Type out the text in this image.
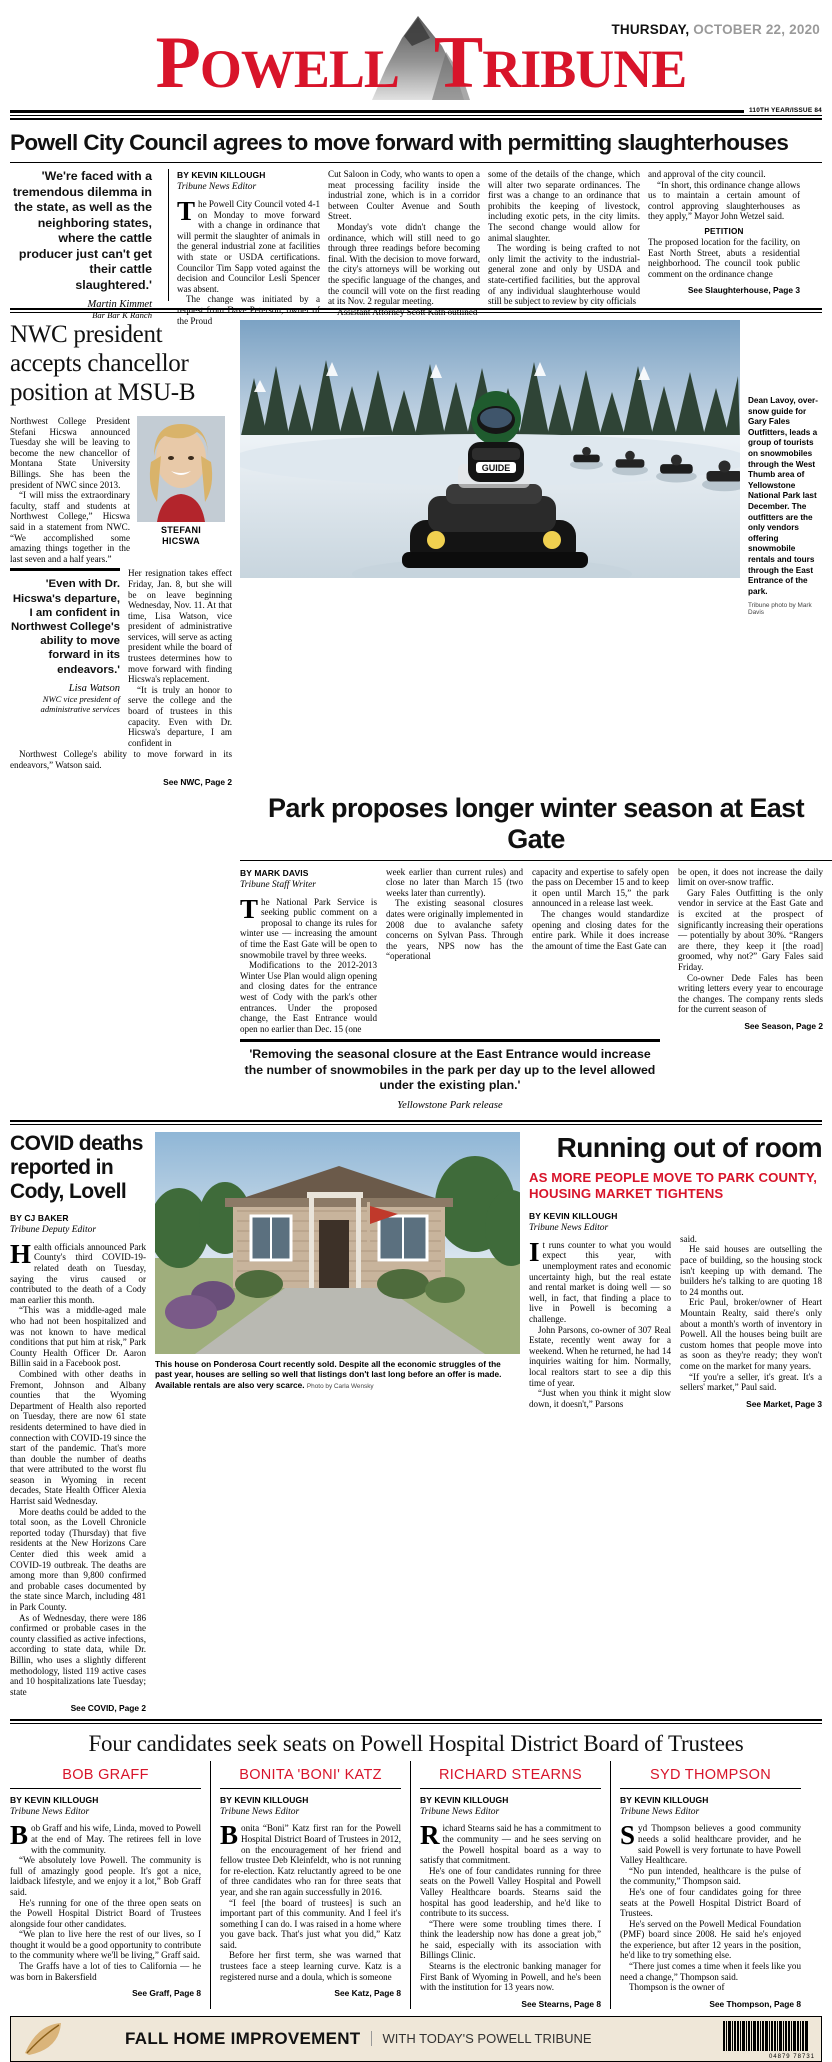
THURSDAY, OCTOBER 22, 2020
POWELL  TRIBUNE
110TH YEAR/ISSUE 84
Powell City Council agrees to move forward with permitting slaughterhouses
'We're faced with a tremendous dilemma in the state, as well as the neighboring states, where the cattle producer just can't get their cattle slaughtered.'
Martin Kimmet
Bar Bar K Ranch
BY KEVIN KILLOUGH
Tribune News Editor

The Powell City Council voted 4-1 on Monday to move forward with a change in ordinance that will permit the slaughter of animals in the general industrial zone at facilities with state or USDA certifications. Councilor Tim Sapp voted against the decision and Councilor Lesli Spencer was absent.

The change was initiated by a request from Dave Peterson, owner of the Proud

Cut Saloon in Cody, who wants to open a meat processing facility inside the industrial zone, which is in a corridor between Coulter Avenue and South Street.

Monday's vote didn't change the ordinance, which will still need to go through three readings before becoming final. With the decision to move forward, the city's attorneys will be working out the specific language of the changes, and the council will vote on the first reading at its Nov. 2 regular meeting.

Assistant Attorney Scott Kath outlined

some of the details of the change, which will alter two separate ordinances. The first was a change to an ordinance that prohibits the keeping of livestock, including exotic pets, in the city limits. The second change would allow for animal slaughter.

The wording is being crafted to not only limit the activity to the industrial-general zone and only by USDA and state-certified facilities, but the approval of any individual slaughterhouse would still be subject to review by city officials

and approval of the city council.

“In short, this ordinance change allows us to maintain a certain amount of control approving slaughterhouses as they apply,” Mayor John Wetzel said.

PETITION

The proposed location for the facility, on East North Street, abuts a residential neighborhood. The council took public comment on the ordinance change

See Slaughterhouse, Page 3
NWC president accepts chancellor position at MSU-B

Northwest College President Stefani Hicswa announced Tuesday she will be leaving to become the new chancellor of Montana State University Billings. She has been the president of NWC since 2013.

“I will miss the extraordinary faculty, staff and students at Northwest College,” Hicswa said in a statement from NWC. “We accomplished some amazing things together in the last seven and a half years.”

STEFANI
HICSWA
'Even with Dr. Hicswa's departure, I am confident in Northwest College's ability to move forward in its endeavors.'
Lisa Watson
NWC vice president of administrative services

Her resignation takes effect Friday, Jan. 8, but she will be on leave beginning Wednesday, Nov. 11. At that time, Lisa Watson, vice president of administrative services, will serve as acting president while the board of trustees determines how to move forward with finding Hicswa's replacement.

“It is truly an honor to serve the college and the board of trustees in this capacity. Even with Dr. Hicswa's departure, I am confident in

Northwest College's ability to move forward in its endeavors,” Watson said.

See NWC, Page 2
GUIDE
Dean Lavoy, over-snow guide for Gary Fales Outfitters, leads a group of tourists on snowmobiles through the West Thumb area of Yellowstone National Park last December. The outfitters are the only vendors offering snowmobile rentals and tours through the East Entrance of the park.
Tribune photo by Mark Davis
Park proposes longer winter season at East Gate
BY MARK DAVIS
Tribune Staff Writer

The National Park Service is seeking public comment on a proposal to change its rules for winter use — increasing the amount of time the East Gate will be open to snowmobile travel by three weeks.

Modifications to the 2012-2013 Winter Use Plan would align opening and closing dates for the entrance west of Cody with the park's other entrances. Under the proposed change, the East Entrance would open no earlier than Dec. 15 (one

week earlier than current rules) and close no later than March 15 (two weeks later than currently).

The existing seasonal closures dates were originally implemented in 2008 due to avalanche safety concerns on Sylvan Pass. Through the years, NPS now has the “operational

capacity and expertise to safely open the pass on December 15 and to keep it open until March 15,” the park announced in a release last week.

The changes would standardize opening and closing dates for the entire park. While it does increase the amount of time the East Gate can

be open, it does not increase the daily limit on over-snow traffic.

Gary Fales Outfitting is the only vendor in service at the East Gate and is excited at the prospect of significantly increasing their operations — potentially by about 30%. “Rangers are there, they keep it [the road] groomed, why not?” Gary Fales said Friday.

Co-owner Dede Fales has been writing letters every year to encourage the changes. The company rents sleds for the current season of

See Season, Page 2
'Removing the seasonal closure at the East Entrance would increase the number of snowmobiles in the park per day up to the level allowed under the existing plan.'
Yellowstone Park release
COVID deaths reported in Cody, Lovell
BY CJ BAKER
Tribune Deputy Editor

Health officials announced Park County's third COVID-19-related death on Tuesday, saying the virus caused or contributed to the death of a Cody man earlier this month.

“This was a middle-aged male who had not been hospitalized and was not known to have medical conditions that put him at risk,” Park County Health Officer Dr. Aaron Billin said in a Facebook post.

Combined with other deaths in Fremont, Johnson and Albany counties that the Wyoming Department of Health also reported on Tuesday, there are now 61 state residents determined to have died in connection with COVID-19 since the start of the pandemic. That's more than double the number of deaths that were attributed to the worst flu season in Wyoming in recent decades, State Health Officer Alexia Harrist said Wednesday.

More deaths could be added to the total soon, as the Lovell Chronicle reported today (Thursday) that five residents at the New Horizons Care Center died this week amid a COVID-19 outbreak. The deaths are among more than 9,800 confirmed and probable cases documented by the state since March, including 481 in Park County.

As of Wednesday, there were 186 confirmed or probable cases in the county classified as active infections, according to state data, while Dr. Billin, who uses a slightly different methodology, listed 119 active cases and 10 hospitalizations late Tuesday; state

See COVID, Page 2
This house on Ponderosa Court recently sold. Despite all the economic struggles of the past year, houses are selling so well that listings don't last long before an offer is made. Available rentals are also very scarce. Photo by Carla Wensky
Running out of room
AS MORE PEOPLE MOVE TO PARK COUNTY, HOUSING MARKET TIGHTENS
BY KEVIN KILLOUGH
Tribune News Editor

It runs counter to what you would expect this year, with unemployment rates and economic uncertainty high, but the real estate and rental market is doing well — so well, in fact, that finding a place to live in Powell is becoming a challenge.

John Parsons, co-owner of 307 Real Estate, recently went away for a weekend. When he returned, he had 14 inquiries waiting for him. Normally, local realtors start to see a dip this time of year.

“Just when you think it might slow down, it doesn't,” Parsons

said.

He said houses are outselling the pace of building, so the housing stock isn't keeping up with demand. The builders he's talking to are quoting 18 to 24 months out.

Eric Paul, broker/owner of Heart Mountain Realty, said there's only about a month's worth of inventory in Powell. All the houses being built are custom homes that people move into as soon as they're ready; they won't come on the market for many years.

“If you're a seller, it's great. It's a sellers' market,” Paul said.

See Market, Page 3
Four candidates seek seats on Powell Hospital District Board of Trustees
BOB GRAFF
BY KEVIN KILLOUGH
Tribune News Editor

Bob Graff and his wife, Linda, moved to Powell at the end of May. The retirees fell in love with the community.

“We absolutely love Powell. The community is full of amazingly good people. It's got a nice, laidback lifestyle, and we enjoy it a lot,” Bob Graff said.

He's running for one of the three open seats on the Powell Hospital District Board of Trustees alongside four other candidates.

“We plan to live here the rest of our lives, so I thought it would be a good opportunity to contribute to the community where we'll be living,” Graff said.

The Graffs have a lot of ties to California — he was born in Bakersfield

See Graff, Page 8
BONITA 'BONI' KATZ
BY KEVIN KILLOUGH
Tribune News Editor

Bonita “Boni” Katz first ran for the Powell Hospital District Board of Trustees in 2012, on the encouragement of her friend and fellow trustee Deb Kleinfeldt, who is not running for re-election. Katz reluctantly agreed to be one of three candidates who ran for three seats that year, and she ran again successfully in 2016.

“I feel [the board of trustees] is such an important part of this community. And I feel it's something I can do. I was raised in a home where you gave back. That's just what you did,” Katz said.

Before her first term, she was warned that trustees face a steep learning curve. Katz is a registered nurse and a doula, which is someone

See Katz, Page 8
RICHARD STEARNS
BY KEVIN KILLOUGH
Tribune News Editor

Richard Stearns said he has a commitment to the community — and he sees serving on the Powell hospital board as a way to satisfy that commitment.

He's one of four candidates running for three seats on the Powell Valley Hospital and Powell Valley Healthcare boards. Stearns said the hospital has good leadership, and he'd like to contribute to its success.

“There were some troubling times there. I think the leadership now has done a great job,” he said, especially with its association with Billings Clinic.

Stearns is the electronic banking manager for First Bank of Wyoming in Powell, and he's been with the institution for 13 years now.

See Stearns, Page 8
SYD THOMPSON
BY KEVIN KILLOUGH
Tribune News Editor

Syd Thompson believes a good community needs a solid healthcare provider, and he said Powell is very fortunate to have Powell Valley Healthcare.

“No pun intended, healthcare is the pulse of the community,” Thompson said.

He's one of four candidates going for three seats at the Powell Hospital District Board of Trustees.

He's served on the Powell Medical Foundation (PMF) board since 2008. He said he's enjoyed the experience, but after 12 years in the position, he'd like to try something else.

“There just comes a time when it feels like you need a change,” Thompson said.

Thompson is the owner of

See Thompson, Page 8
FALL HOME IMPROVEMENT	WITH TODAY'S POWELL TRIBUNE
04879 78731
